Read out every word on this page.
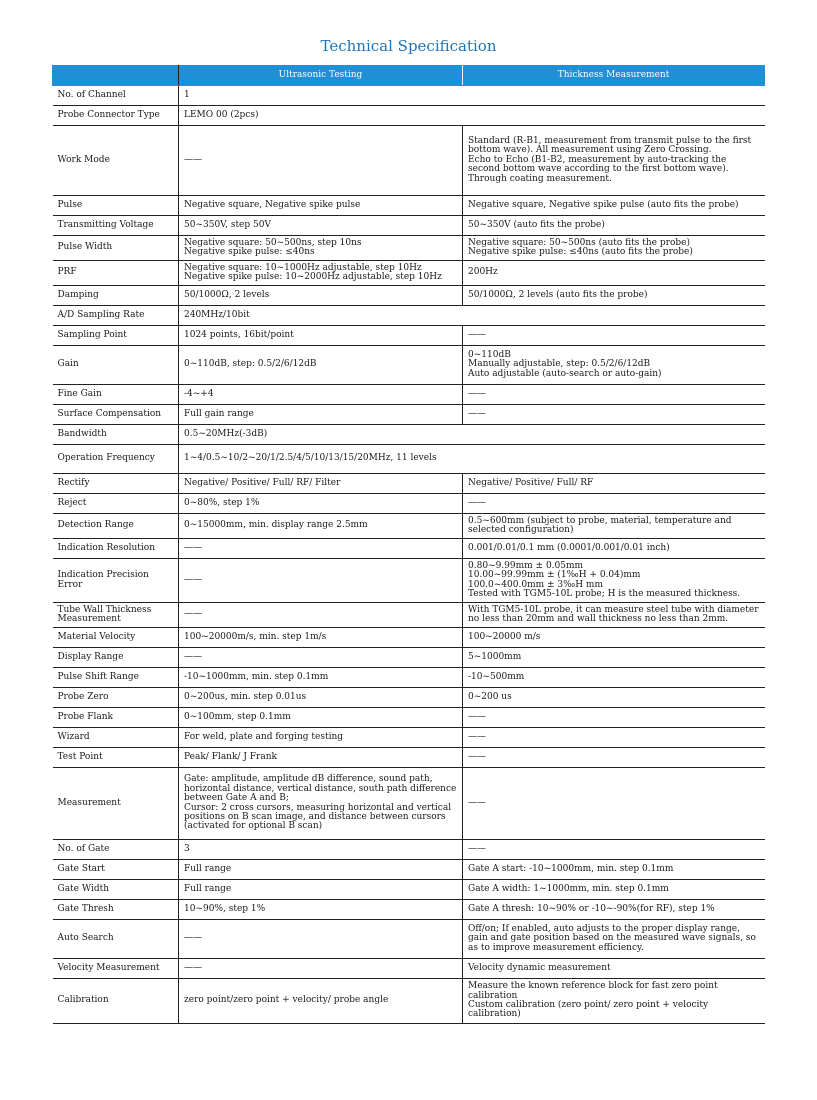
Technical Specification
	Ultrasonic Testing	Thickness Measurement

No. of Channel	1	

Probe Connector Type	LEMO 00 (2pcs)	

Work Mode	——	Standard (R-B1, measurement from transmit pulse to the first bottom wave). All measurement using Zero Crossing.
Echo to Echo (B1-B2, measurement by auto-tracking the second bottom wave according to the first bottom wave).
Through coating measurement.

Pulse	Negative square, Negative spike pulse	Negative square, Negative spike pulse (auto fits the probe)

Transmitting Voltage	50~350V, step 50V	50~350V (auto fits the probe)

Pulse Width	Negative square: 50~500ns, step 10ns
Negative spike pulse: ≤40ns	Negative square: 50~500ns (auto fits the probe)
Negative spike pulse: ≤40ns (auto fits the probe)

PRF	Negative square: 10~1000Hz adjustable, step 10Hz
Negative spike pulse: 10~2000Hz adjustable, step 10Hz	200Hz

Damping	50/1000Ω, 2 levels	50/1000Ω, 2 levels (auto fits the probe)

A/D Sampling Rate	240MHz/10bit	

Sampling Point	1024 points, 16bit/point	——

Gain	0~110dB, step: 0.5/2/6/12dB	0~110dB
Manually adjustable, step: 0.5/2/6/12dB
Auto adjustable (auto-search or auto-gain)

Fine Gain	-4~+4	——

Surface Compensation	Full gain range	——

Bandwidth	0.5~20MHz(-3dB)	

Operation Frequency	1~4/0.5~10/2~20/1/2.5/4/5/10/13/15/20MHz, 11 levels	

Rectify	Negative/ Positive/ Full/ RF/ Filter	Negative/ Positive/ Full/ RF

Reject	0~80%, step 1%	——

Detection Range	0~15000mm, min. display range 2.5mm	0.5~600mm (subject to probe, material, temperature and selected configuration)

Indication Resolution	——	0.001/0.01/0.1 mm (0.0001/0.001/0.01 inch)

Indication Precision Error	——	0.80~9.99mm ± 0.05mm
10.00~99.99mm ± (1‰H + 0.04)mm
100.0~400.0mm ± 3‰H mm
Tested with TGM5-10L probe; H is the measured thickness.

Tube Wall Thickness Measurement	——	With TGM5-10L probe, it can measure steel tube with diameter no less than 20mm and wall thickness no less than 2mm.

Material Velocity	100~20000m/s, min. step 1m/s	100~20000 m/s

Display Range	——	5~1000mm

Pulse Shift Range	-10~1000mm, min. step 0.1mm	-10~500mm

Probe Zero	0~200us, min. step 0.01us	0~200 us

Probe Flank	0~100mm, step 0.1mm	——

Wizard	For weld, plate and forging testing	——

Test Point	Peak/ Flank/ J Frank	——

Measurement	Gate: amplitude, amplitude dB difference, sound path, horizontal distance, vertical distance, south path difference between Gate A and B;
Cursor: 2 cross cursors, measuring horizontal and vertical positions on B scan image, and distance between cursors (activated for optional B scan)	——

No. of Gate	3	——

Gate Start	Full range	Gate A start: -10~1000mm, min. step 0.1mm

Gate Width	Full range	Gate A width: 1~1000mm, min. step 0.1mm

Gate Thresh	10~90%, step 1%	Gate A thresh: 10~90% or -10~-90%(for RF), step 1%

Auto Search	——	Off/on; If enabled, auto adjusts to the proper display range, gain and gate position based on the measured wave signals, so as to improve measurement efficiency.

Velocity Measurement	——	Velocity dynamic measurement

Calibration	zero point/zero point + velocity/ probe angle	Measure the known reference block for fast zero point calibration
Custom calibration (zero point/ zero point + velocity calibration)
